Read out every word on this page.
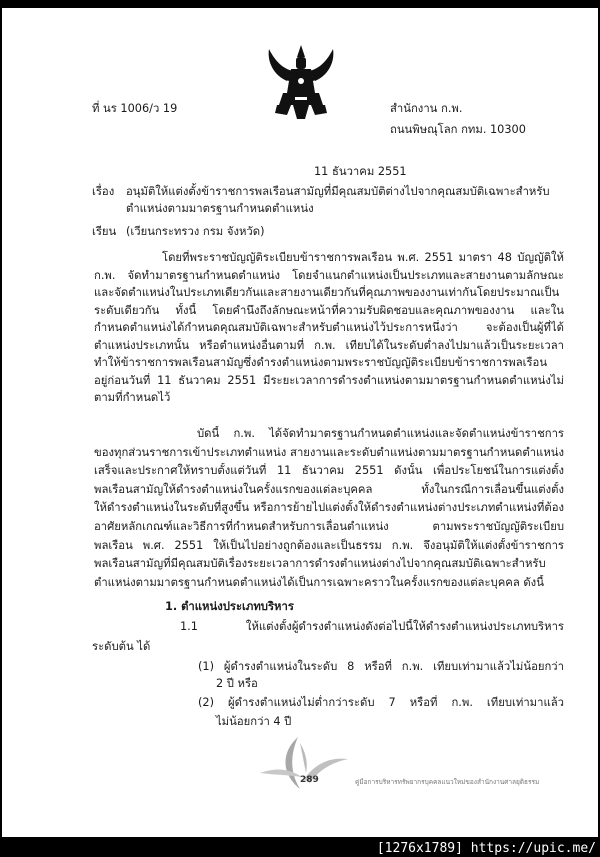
ที่ นร 1006/ว 19	สำนักงาน ก.พ.
ถนนพิษณุโลก กทม. 10300
11 ธันวาคม 2551
เรื่อง อนุมัติให้แต่งตั้งข้าราชการพลเรือนสามัญที่มีคุณสมบัติต่างไปจากคุณสมบัติเฉพาะสำหรับ
ตำแหน่งตามมาตรฐานกำหนดตำแหน่ง
เรียน (เวียนกระทรวง กรม จังหวัด)
โดยที่พระราชบัญญัติระเบียบข้าราชการพลเรือน พ.ศ. 2551 มาตรา 48 บัญญัติให้
ก.พ. จัดทำมาตรฐานกำหนดตำแหน่ง โดยจำแนกตำแหน่งเป็นประเภทและสายงานตามลักษณะ
และจัดตำแหน่งในประเภทเดียวกันและสายงานเดียวกันที่คุณภาพของงานเท่ากันโดยประมาณเป็น
ระดับเดียวกัน ทั้งนี้ โดยคำนึงถึงลักษณะหน้าที่ความรับผิดชอบและคุณภาพของงาน และใน
กำหนดตำแหน่งได้กำหนดคุณสมบัติเฉพาะสำหรับตำแหน่งไว้ประการหนึ่งว่า จะต้องเป็นผู้ที่ได้
ตำแหน่งประเภทนั้น หรือตำแหน่งอื่นตามที่ ก.พ. เทียบได้ในระดับต่ำลงไปมาแล้วเป็นระยะเวลา
ทำให้ข้าราชการพลเรือนสามัญซึ่งดำรงตำแหน่งตามพระราชบัญญัติระเบียบข้าราชการพลเรือน
อยู่ก่อนวันที่ 11 ธันวาคม 2551 มีระยะเวลาการดำรงตำแหน่งตามมาตรฐานกำหนดตำแหน่งไม่
ตามที่กำหนดไว้
บัดนี้ ก.พ. ได้จัดทำมาตรฐานกำหนดตำแหน่งและจัดตำแหน่งข้าราชการ
ของทุกส่วนราชการเข้าประเภทตำแหน่ง สายงานและระดับตำแหน่งตามมาตรฐานกำหนดตำแหน่ง
เสร็จและประกาศให้ทราบตั้งแต่วันที่ 11 ธันวาคม 2551 ดังนั้น เพื่อประโยชน์ในการแต่งตั้ง
พลเรือนสามัญให้ดำรงตำแหน่งในครั้งแรกของแต่ละบุคคล ทั้งในกรณีการเลื่อนขึ้นแต่งตั้ง
ให้ดำรงตำแหน่งในระดับที่สูงขึ้น หรือการย้ายไปแต่งตั้งให้ดำรงตำแหน่งต่างประเภทตำแหน่งที่ต้อง
อาศัยหลักเกณฑ์และวิธีการที่กำหนดสำหรับการเลื่อนตำแหน่ง ตามพระราชบัญญัติระเบียบ
พลเรือน พ.ศ. 2551 ให้เป็นไปอย่างถูกต้องและเป็นธรรม ก.พ. จึงอนุมัติให้แต่งตั้งข้าราชการ
พลเรือนสามัญที่มีคุณสมบัติเรื่องระยะเวลาการดำรงตำแหน่งต่างไปจากคุณสมบัติเฉพาะสำหรับ
ตำแหน่งตามมาตรฐานกำหนดตำแหน่งได้เป็นการเฉพาะคราวในครั้งแรกของแต่ละบุคคล ดังนี้
1. ตำแหน่งประเภทบริหาร
1.1 ให้แต่งตั้งผู้ดำรงตำแหน่งดังต่อไปนี้ให้ดำรงตำแหน่งประเภทบริหาร
ระดับต้น ได้
(1) ผู้ดำรงตำแหน่งในระดับ 8 หรือที่ ก.พ. เทียบเท่ามาแล้วไม่น้อยกว่า
2 ปี หรือ
(2) ผู้ดำรงตำแหน่งไม่ต่ำกว่าระดับ 7 หรือที่ ก.พ. เทียบเท่ามาแล้ว
ไม่น้อยกว่า 4 ปี
289	คู่มือการบริหารทรัพยากรบุคคลแนวใหม่ของสำนักงานศาลยุติธรรม
[1276x1789] https://upic.me/
